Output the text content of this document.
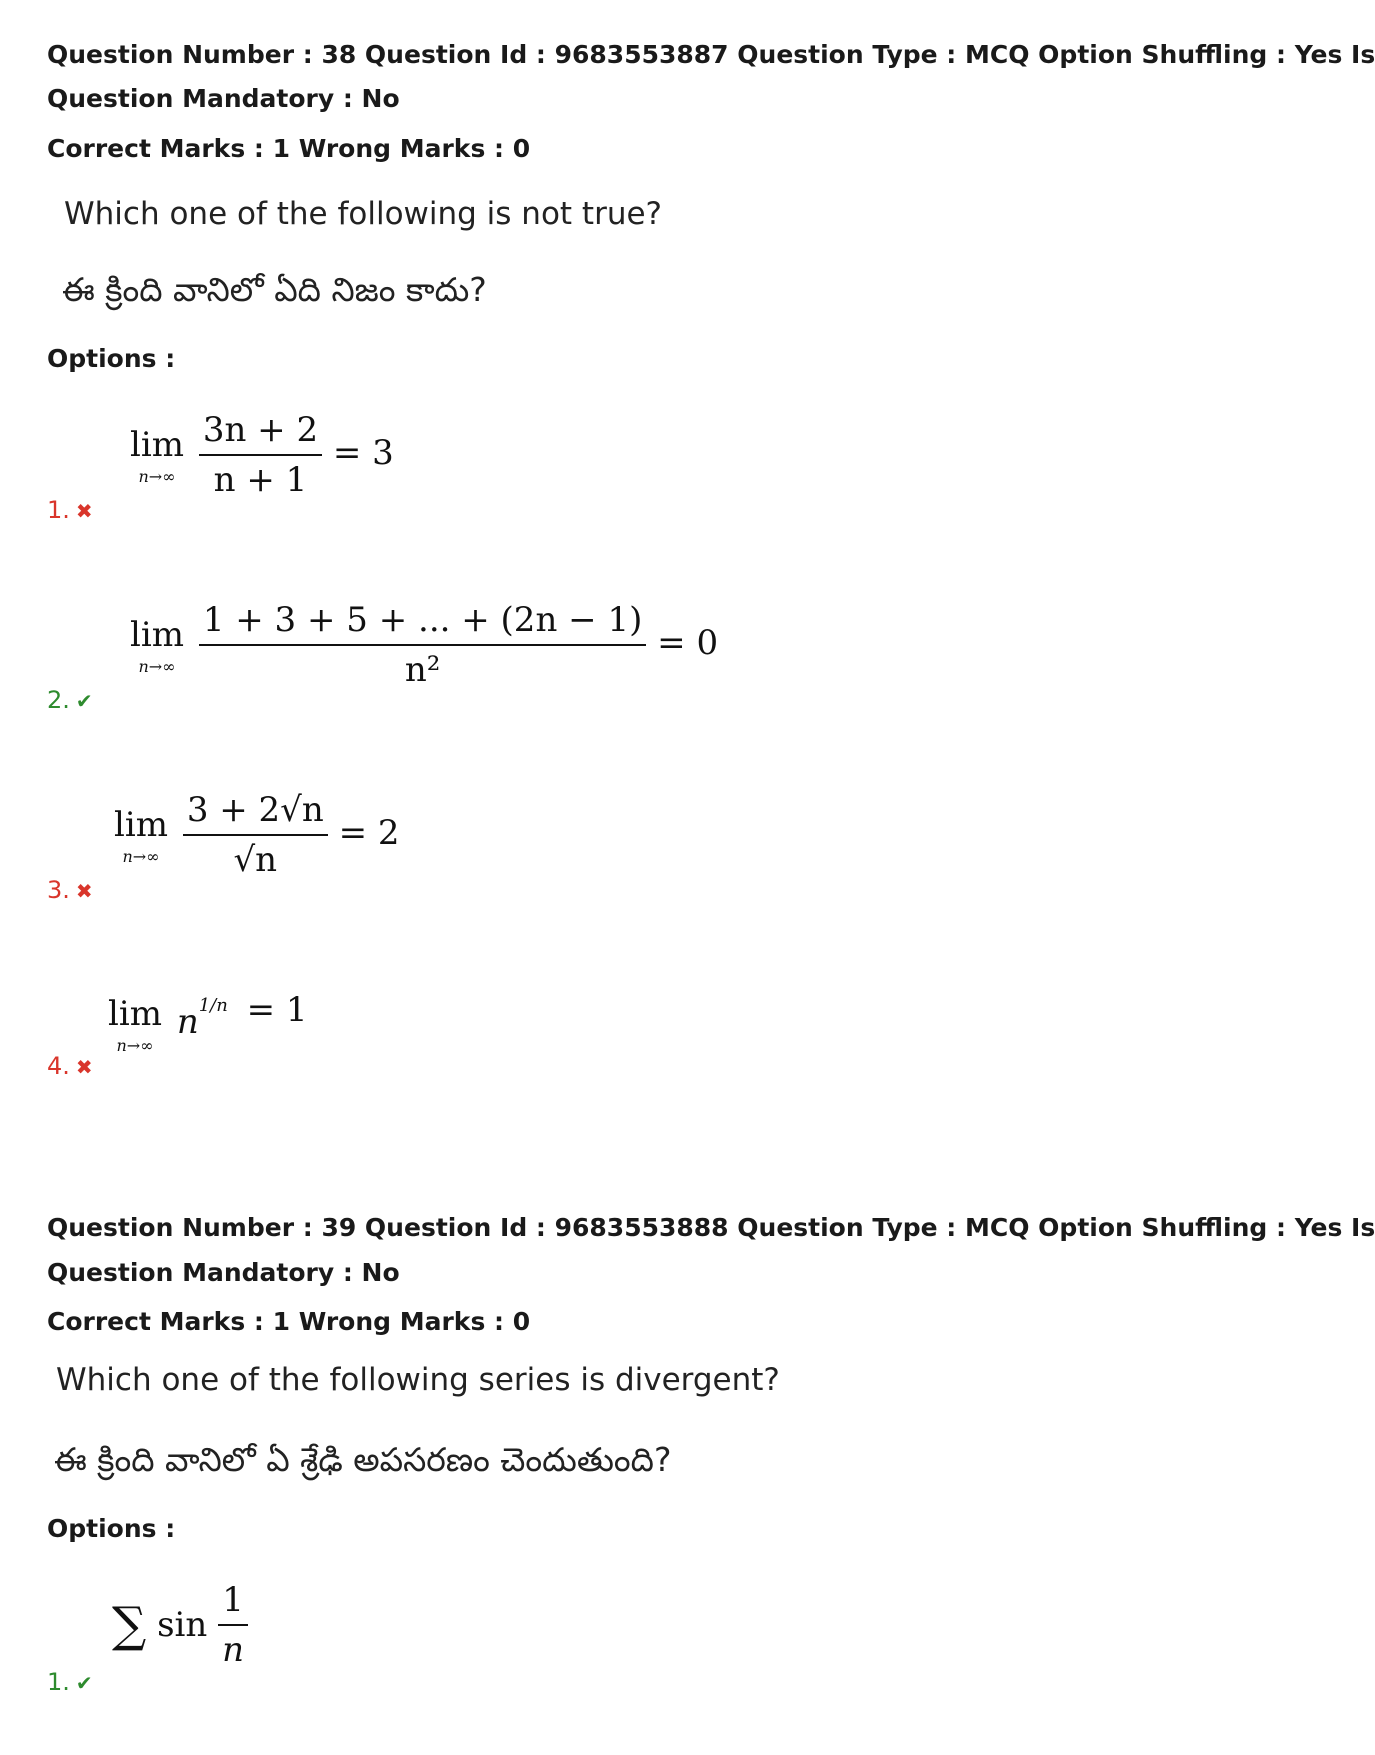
Question Number : 38 Question Id : 9683553887 Question Type : MCQ Option Shuffling : Yes Is
Question Mandatory : No
Correct Marks : 1 Wrong Marks : 0
Which one of the following is not true?
ఈ క్రింది వానిలో ఏది నిజం కాదు?
Options :
lim
n→∞
$\frac{3n + 2}{n + 1} = 3$
1. ✖
lim
n→∞
$\frac{1 + 3 + 5 + ... + (2n - 1)}{\text{n²}} = 0$
2. ✔
lim
n→∞
$\frac{3 + 2√n}{√n} = 2$
3. ✖
lim
n→∞
$n^{1/n} = 1$
4. ✖
Question Number : 39 Question Id : 9683553888 Question Type : MCQ Option Shuffling : Yes Is
Question Mandatory : No
Correct Marks : 1 Wrong Marks : 0
Which one of the following series is divergent?
ఈ క్రింది వానిలో ఏ శ్రేఢి అపసరణం చెందుతుంది?
Options :
∑ $\sin \frac{1}{n}$
1. ✔
